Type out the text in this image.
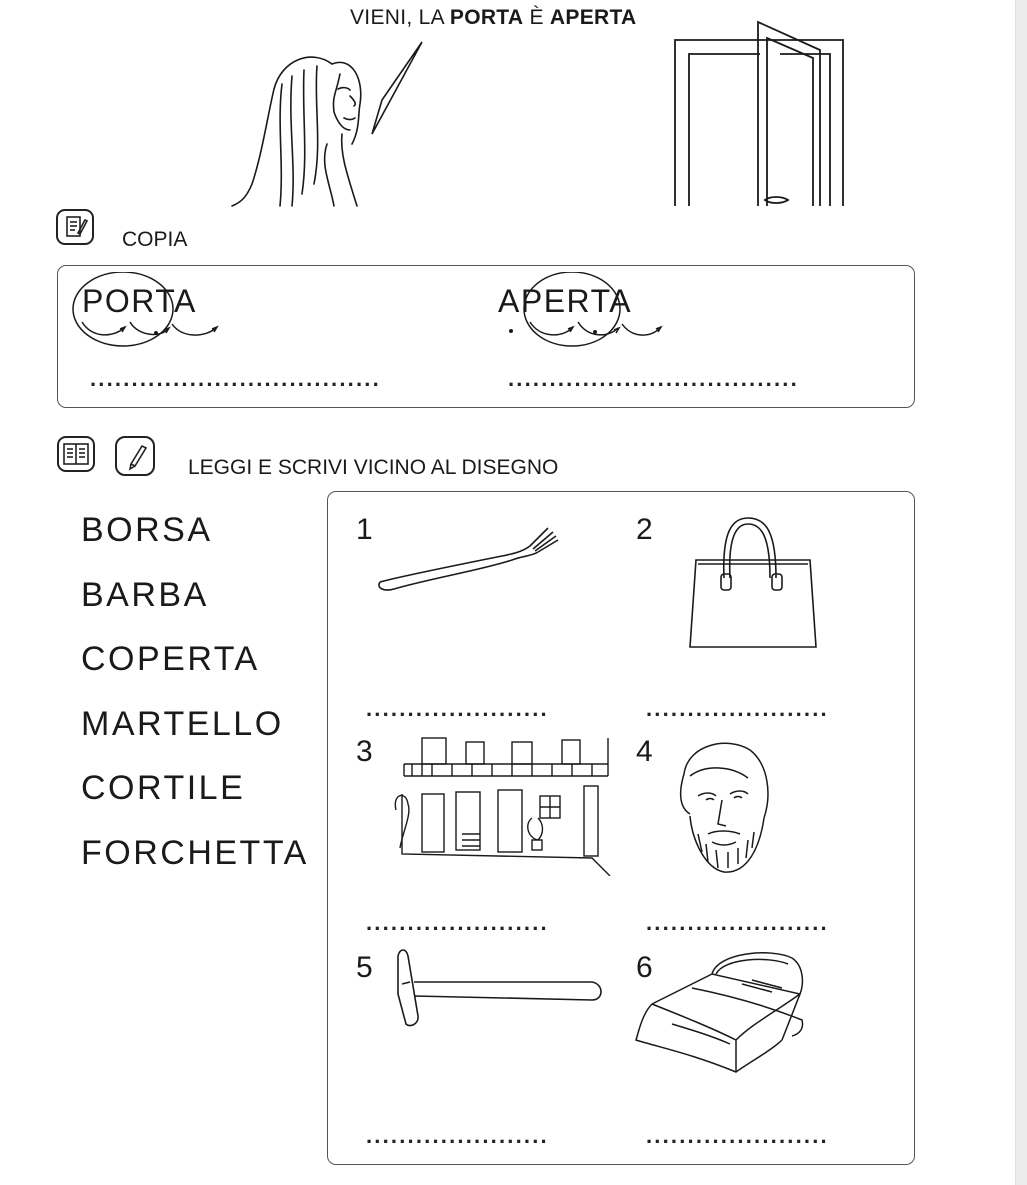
VIENI, LA PORTA È APERTA
COPIA
PORTA
...................................
APERTA
...................................
LEGGI E SCRIVI VICINO AL DISEGNO
BORSA
BARBA
COPERTA
MARTELLO
CORTILE
FORCHETTA
1	2
......................	......................
3	4
......................	......................
5	6
......................	......................
